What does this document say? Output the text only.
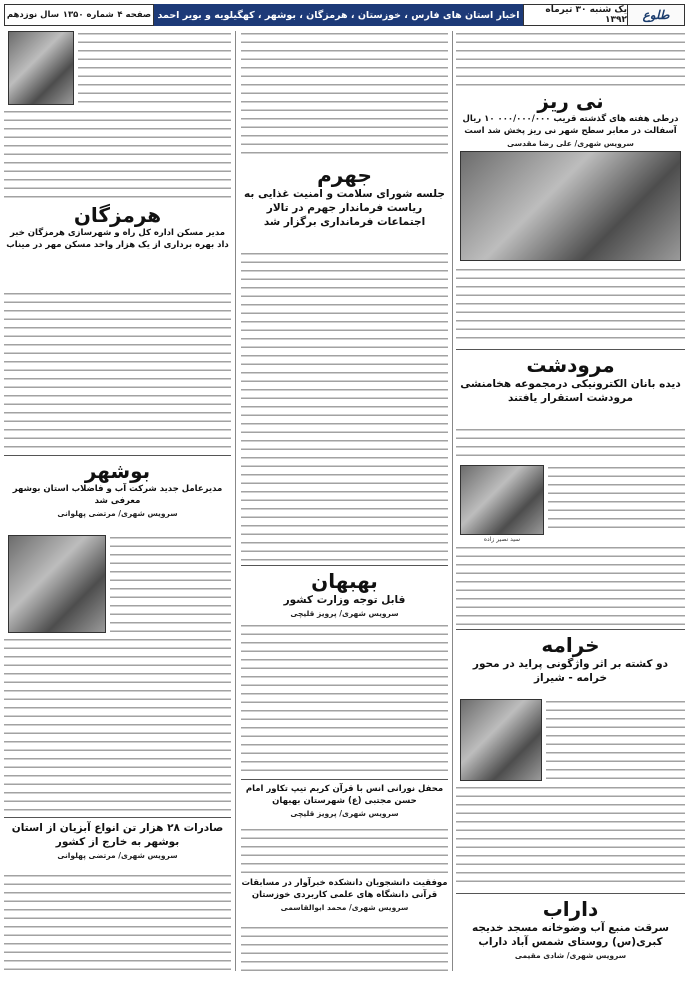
طلوع
یک شنبه ۳۰ تیرماه ۱۳۹۲
اخبار استان های فارس ، خوزستان ، هرمزگان ، بوشهر ، کهگیلویه و بویر احمد
صفحه ۴
شماره ۱۳۵۰
سال نوزدهم
نی ریز
درطی هفته های گذشته قریب ۰۰۰/۰۰۰/۰۰۰ ۱۰ ریال آسفالت در معابر سطح شهر نی ریز پخش شد است
سرویس شهری/ علی رضا مقدسی
مرودشت
دیده بانان الکترونیکی درمجموعه هخامنشی مرودشت استقرار یافتند
سید نصیر زاده
خرامه
دو کشته بر اثر واژگونی پراید در محور خرامه - شیراز
داراب
سرقت منبع آب وضوخانه مسجد خدیجه کبری(س) روستای شمس آباد داراب
سرویس شهری/ شادی مقیمی
جهرم
جلسه شورای سلامت و امنیت غذایی به ریاست فرماندار جهرم در تالار اجتماعات فرمانداری برگزار شد
بهبهان
قابل توجه وزارت کشور
سرویس شهری/ پرویز قلیچی
محفل نورانی انس با قرآن کریم تیپ تکاور امام حسن مجتبی (ع) شهرستان بهبهان
سرویس شهری/ پرویز قلیچی
موفقیت دانشجویان دانشکده خبرآوار در مسابقات قرآنی دانشگاه های علمی کاربردی خوزستان
سرویس شهری/ محمد ابوالقاسمی
هرمزگان
مدیر مسکن اداره کل راه و شهرسازی هرمزگان خبر داد بهره برداری از یک هزار واحد مسکن مهر در میناب
بوشهر
مدیرعامل جدید شرکت آب و فاضلاب استان بوشهر معرفی شد
سرویس شهری/ مرتضی پهلوانی
صادرات ۲۸ هزار تن انواع آبزیان از استان بوشهر به خارج از کشور
سرویس شهری/ مرتضی پهلوانی
